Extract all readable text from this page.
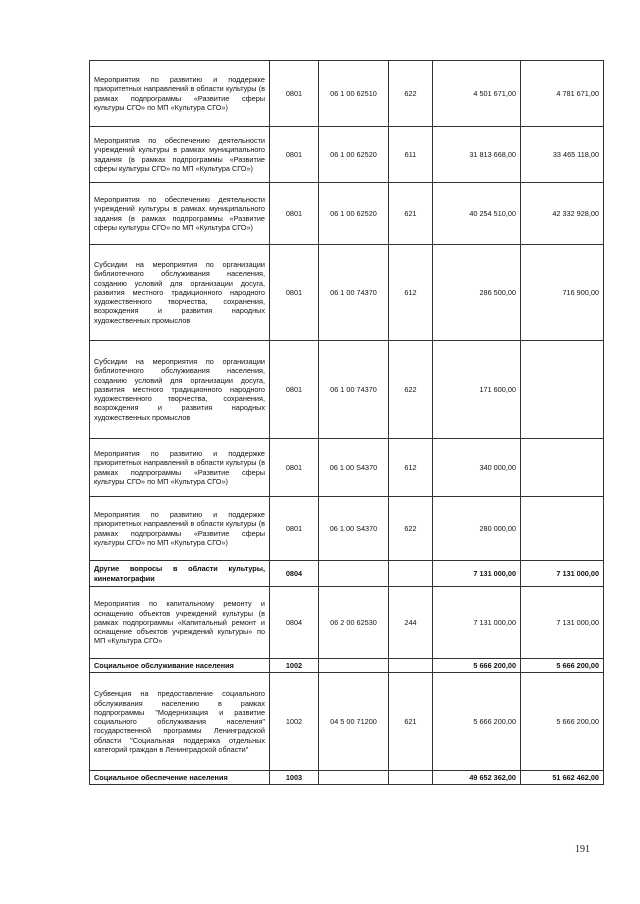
Мероприятия по развитию и поддержке приоритетных направлений в области культуры (в рамках подпрограммы «Развитие сферы культуры СГО» по МП «Культура СГО»)	0801	06 1 00 62510	622	4 501 671,00	4 781 671,00
Мероприятия по обеспечению деятельности учреждений культуры в рамках муниципального задания (в рамках подпрограммы «Развитие сферы культуры СГО» по МП «Культура СГО»)	0801	06 1 00 62520	611	31 813 668,00	33 465 118,00
Мероприятия по обеспечению деятельности учреждений культуры в рамках муниципального задания (в рамках подпрограммы «Развитие сферы культуры СГО» по МП «Культура СГО»)	0801	06 1 00 62520	621	40 254 510,00	42 332 928,00
Субсидии на мероприятия по организации библиотечного обслуживания населения, созданию условий для организации досуга, развития местного традиционного народного художественного творчества, сохранения, возрождения и развития народных художественных промыслов	0801	06 1 00 74370	612	286 500,00	716 900,00
Субсидии на мероприятия по организации библиотечного обслуживания населения, созданию условий для организации досуга, развития местного традиционного народного художественного творчества, сохранения, возрождения и развития народных художественных промыслов	0801	06 1 00 74370	622	171 600,00	
Мероприятия по развитию и поддержке приоритетных направлений в области культуры (в рамках подпрограммы «Развитие сферы культуры СГО» по МП «Культура СГО»)	0801	06 1 00 S4370	612	340 000,00	
Мероприятия по развитию и поддержке приоритетных направлений в области культуры (в рамках подпрограммы «Развитие сферы культуры СГО» по МП «Культура СГО»)	0801	06 1 00 S4370	622	280 000,00	
Другие вопросы в области культуры, кинематографии	0804			7 131 000,00	7 131 000,00
Мероприятия по капитальному ремонту и оснащению объектов учреждений культуры (в рамках подпрограммы «Капитальный ремонт и оснащение объектов учреждений культуры» по МП «Культура СГО»	0804	06 2 00 62530	244	7 131 000,00	7 131 000,00
Социальное обслуживание населения	1002			5 666 200,00	5 666 200,00
Субвенция на предоставление социального обслуживания населению в рамках подпрограммы "Модернизация и развитие социального обслуживания населения" государственной программы Ленинградской области "Социальная поддержка отдельных категорий граждан в Ленинградской области"	1002	04 5 00 71200	621	5 666 200,00	5 666 200,00
Социальное обеспечение населения	1003			49 652 362,00	51 662 462,00
191
